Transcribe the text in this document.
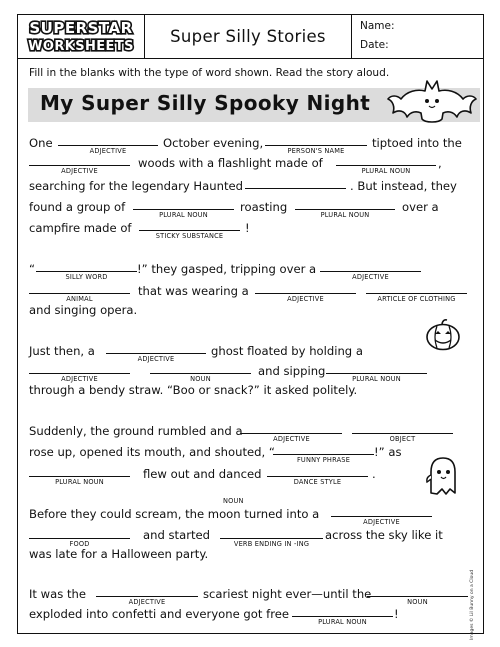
SUPERSTAR
WORKSHEETS
Super Silly Stories
Name:
Date:
Fill in the blanks with the type of word shown. Read the story aloud.
My Super Silly Spooky Night
One
ADJECTIVE
October evening,
PERSON'S NAME
tiptoed into the
ADJECTIVE
woods with a flashlight made of
PLURAL NOUN
,
searching for the legendary Haunted	. But instead, they
found a group of
PLURAL NOUN
roasting
PLURAL NOUN
over a
campfire made of
STICKY SUBSTANCE
!
“
SILLY WORD
!” they gasped, tripping over a
ADJECTIVE
ANIMAL
that was wearing a
ADJECTIVE	ARTICLE OF CLOTHING
and singing opera.
Just then, a
ADJECTIVE
ghost floated by holding a
ADJECTIVE	NOUN
and sipping
PLURAL NOUN
through a bendy straw. “Boo or snack?” it asked politely.
Suddenly, the ground rumbled and a
ADJECTIVE	OBJECT
rose up, opened its mouth, and shouted, “
FUNNY PHRASE
!” as
PLURAL NOUN
flew out and danced
DANCE STYLE
.
NOUN
Before they could scream, the moon turned into a
ADJECTIVE
FOOD
and started
VERB ENDING IN -ING
across the sky like it
was late for a Halloween party.
It was the
ADJECTIVE
scariest night ever—until the
NOUN
exploded into confetti and everyone got free
PLURAL NOUN
!	Images © Lil Bunny on a Cloud
